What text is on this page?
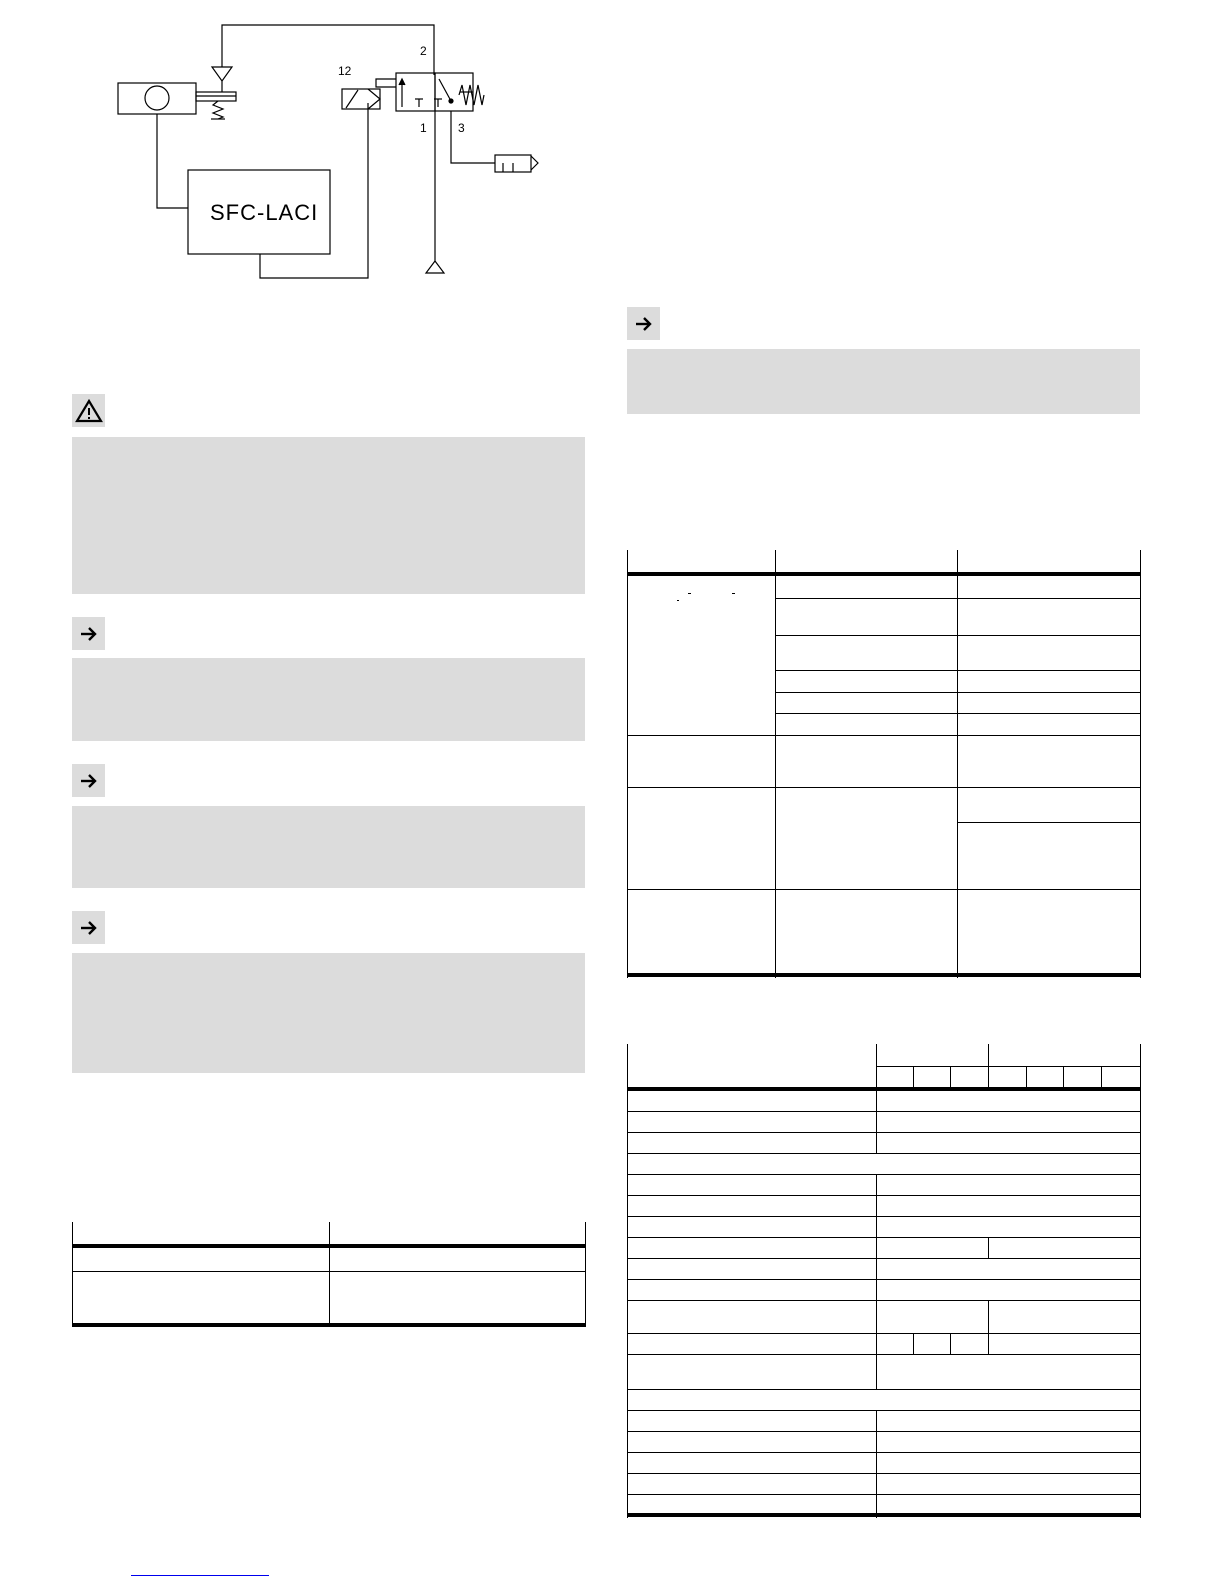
12
2
1	3
SFC-LACI
